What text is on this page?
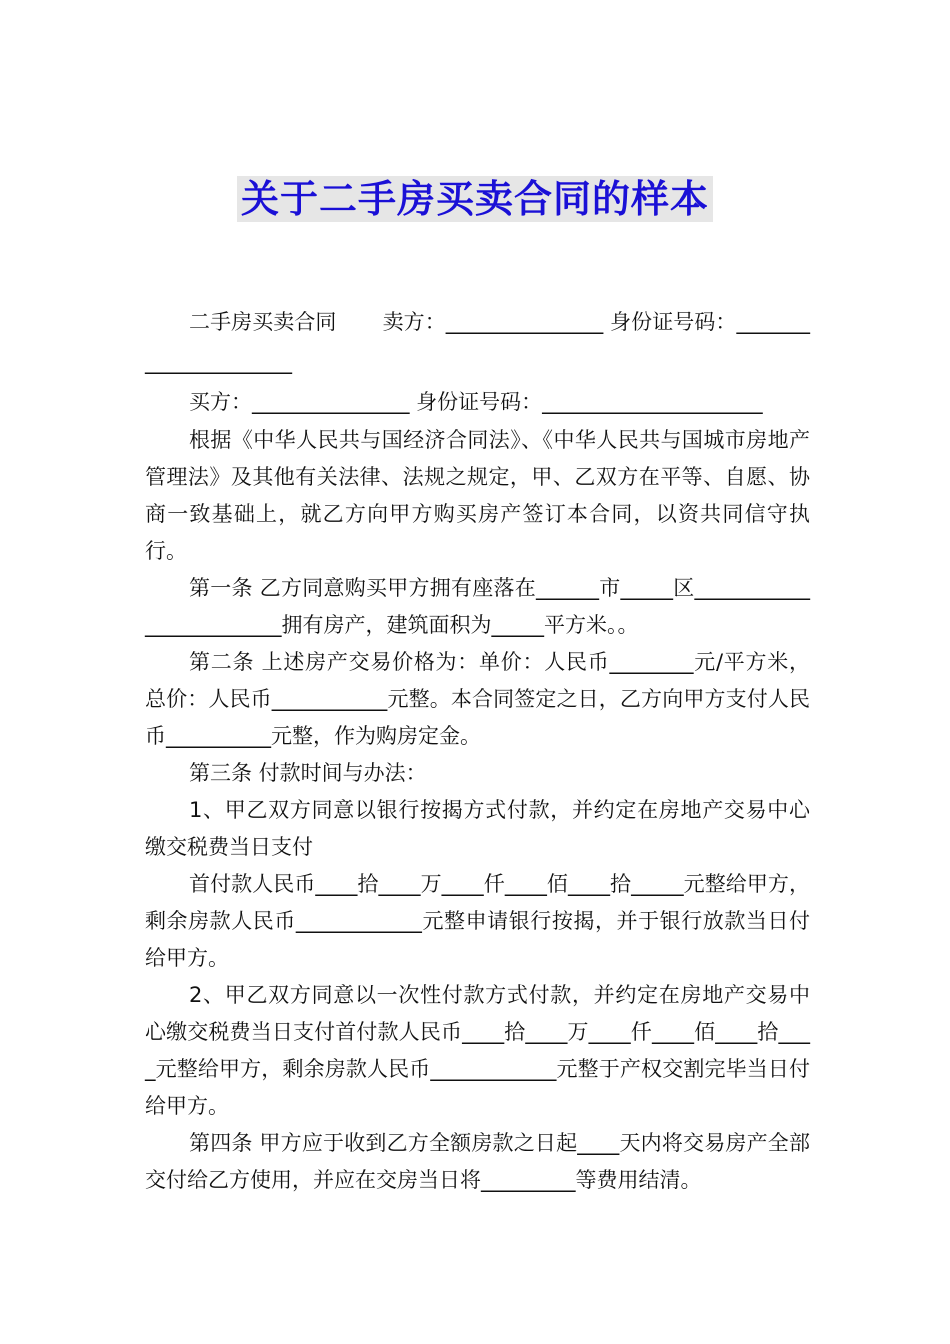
关于二手房买卖合同的样本

二手房买卖合同 卖方：_______________ 身份证号码：_____________________

买方：_______________ 身份证号码：_____________________

根据《中华人民共与国经济合同法》、《中华人民共与国城市房地产管理法》及其他有关法律、法规之规定，甲、乙双方在平等、自愿、协商一致基础上，就乙方向甲方购买房产签订本合同，以资共同信守执行。

第一条 乙方同意购买甲方拥有座落在______市_____区________________________拥有房产，建筑面积为_____平方米。。

第二条 上述房产交易价格为：单价：人民币________元/平方米，总价：人民币___________元整。本合同签定之日，乙方向甲方支付人民币__________元整，作为购房定金。

第三条 付款时间与办法：

1、甲乙双方同意以银行按揭方式付款，并约定在房地产交易中心缴交税费当日支付

首付款人民币____拾____万____仟____佰____拾_____元整给甲方，剩余房款人民币____________元整申请银行按揭，并于银行放款当日付给甲方。

2、甲乙双方同意以一次性付款方式付款，并约定在房地产交易中心缴交税费当日支付首付款人民币____拾____万____仟____佰____拾____元整给甲方，剩余房款人民币____________元整于产权交割完毕当日付给甲方。

第四条 甲方应于收到乙方全额房款之日起____天内将交易房产全部交付给乙方使用，并应在交房当日将_________等费用结清。
